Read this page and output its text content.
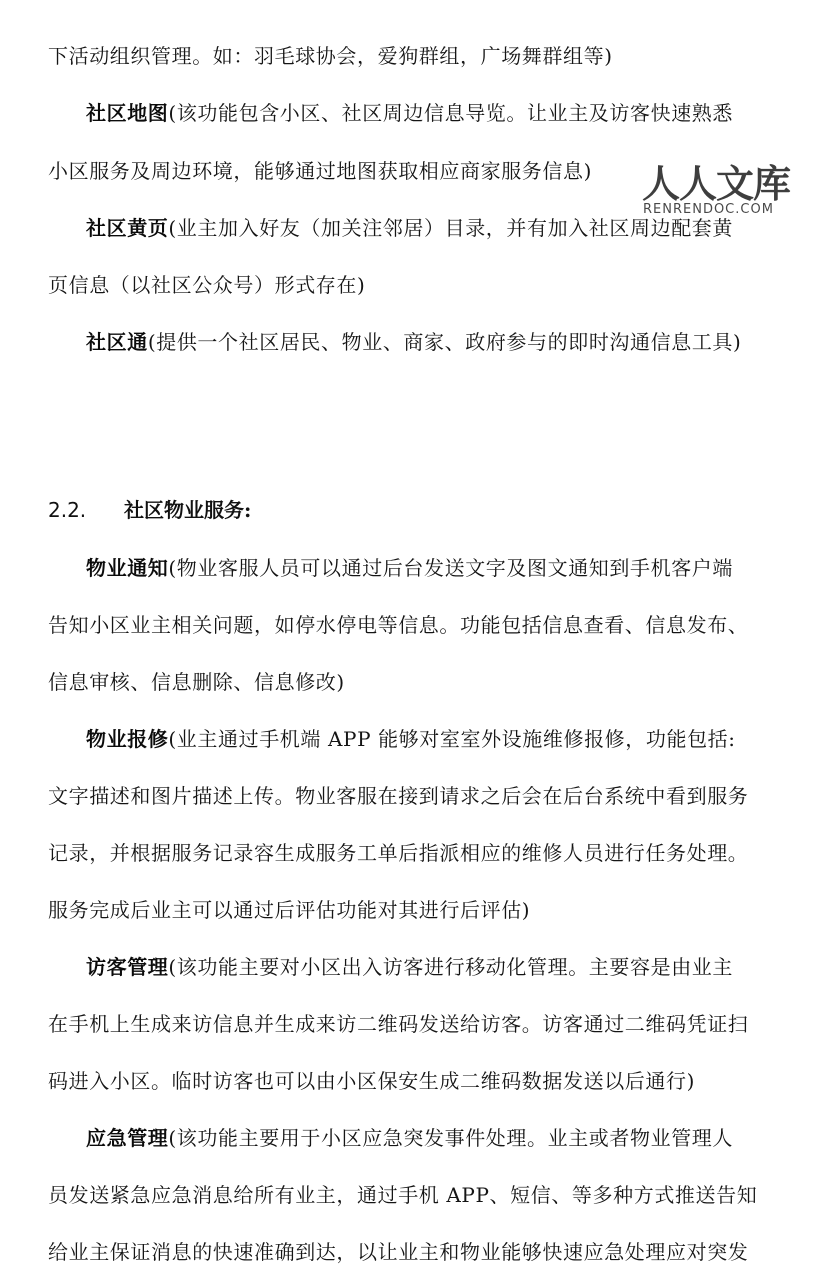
下活动组织管理。如：羽毛球协会，爱狗群组，广场舞群组等)
社区地图(该功能包含小区、社区周边信息导览。让业主及访客快速熟悉
小区服务及周边环境，能够通过地图获取相应商家服务信息)
社区黄页(业主加入好友（加关注邻居）目录，并有加入社区周边配套黄
页信息（以社区公众号）形式存在)
社区通(提供一个社区居民、物业、商家、政府参与的即时沟通信息工具)
人人文库
RENRENDOC.COM
2.2. 社区物业服务:
物业通知(物业客服人员可以通过后台发送文字及图文通知到手机客户端
告知小区业主相关问题，如停水停电等信息。功能包括信息查看、信息发布、
信息审核、信息删除、信息修改)
物业报修(业主通过手机端 APP 能够对室室外设施维修报修，功能包括:
文字描述和图片描述上传。物业客服在接到请求之后会在后台系统中看到服务
记录，并根据服务记录容生成服务工单后指派相应的维修人员进行任务处理。
服务完成后业主可以通过后评估功能对其进行后评估)
访客管理(该功能主要对小区出入访客进行移动化管理。主要容是由业主
在手机上生成来访信息并生成来访二维码发送给访客。访客通过二维码凭证扫
码进入小区。临时访客也可以由小区保安生成二维码数据发送以后通行)
应急管理(该功能主要用于小区应急突发事件处理。业主或者物业管理人
员发送紧急应急消息给所有业主，通过手机 APP、短信、等多种方式推送告知
给业主保证消息的快速准确到达，以让业主和物业能够快速应急处理应对突发
